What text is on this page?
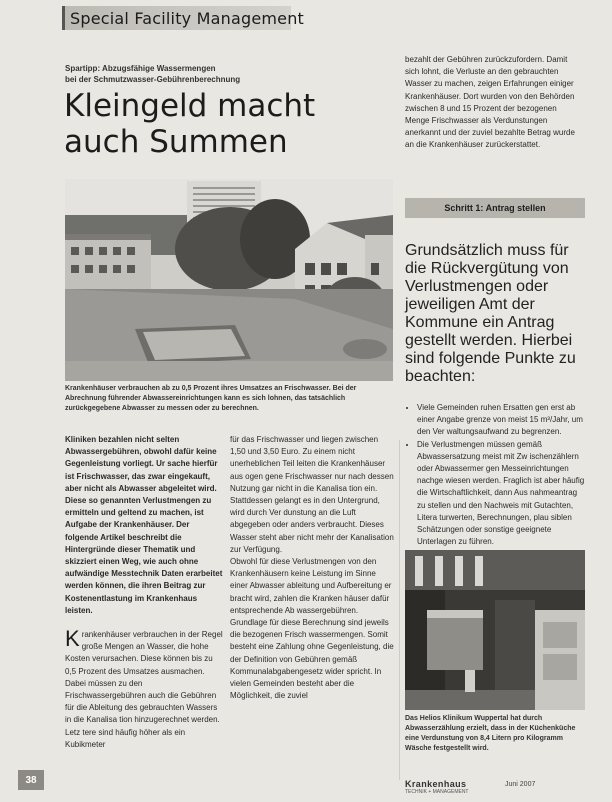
Special Facility Management
Spartipp: Abzugsfähige Wassermengen
bei der Schmutzwasser-Gebührenberechnung
Kleingeld macht
auch Summen

bezahlt der Gebühren zurückzufordern. Damit sich lohnt, die Verluste an den gebrauchten Wasser zu machen, zeigen Erfahrungen einiger Krankenhäuser. Dort wurden von den Behörden zwischen 8 und 15 Prozent der bezogenen Menge Frischwasser als Verdunstungen anerkannt und der zuviel bezahlte Betrag wurde an die Krankenhäuser zurückerstattet.

Schritt 1: Antrag stellen

Grundsätzlich muss für die Rückvergütung von Verlustmengen oder jeweiligen Amt der Kommune ein Antrag gestellt werden. Hierbei sind folgende Punkte zu beachten:

• Viele Gemeinden ruhen Ersatten gen erst ab einer Angabe grenze von meist 15 m³/Jahr, um den Ver waltungsaufwand zu begrenzen.
• Die Verlustmengen müssen gemäß Abwassersatzung meist mit Zw ischenzählern oder Abwassermer gen Messeinrichtungen nachge wiesen werden. Fraglich ist aber häufig die Wirtschaftlichkeit, dann Aus nahmeantrag zu stellen und den Nachweis mit Gutachten, Litera turwerten, Berechnungen, plau siblen Schätzungen oder sonstige geeignete Unterlagen zu führen.
•
•
Krankenhäuser verbrauchen ab zu 0,5 Prozent ihres Umsatzes an Frischwasser. Bei der Abrechnung führender Abwassereinrichtungen kann es sich lohnen, das tatsächlich zurückgegebene Abwasser zu messen oder zu berechnen.

Kliniken bezahlen nicht selten Abwassergebühren, obwohl dafür keine Gegenleistung vorliegt. Ur sache hierfür ist Frischwasser, das zwar eingekauft, aber nicht als Abwasser abgeleitet wird. Diese so genannten Verlustmengen zu ermitteln und geltend zu machen, ist Aufgabe der Krankenhäuser. Der folgende Artikel beschreibt die Hintergründe dieser Thematik und skizziert einen Weg, wie auch ohne aufwändige Messtechnik Daten erarbeitet werden können, die ihren Beitrag zur Kostenentlastung im Krankenhaus leisten.

Krankenhäuser verbrauchen in der Regel große Mengen an Wasser, die hohe Kosten verursachen. Diese können bis zu 0,5 Prozent des Umsatzes ausmachen. Dabei müssen zu den Frischwassergebühren auch die Gebühren für die Ableitung des gebrauchten Wassers in die Kanalisa tion hinzugerechnet werden. Letz tere sind häufig höher als ein Kubikmeter

für das Frischwasser und liegen zwischen 1,50 und 3,50 Euro. Zu einem nicht unerheblichen Teil leiten die Krankenhäuser aus ogen gene Frischwasser nur nach dessen Nutzung gar nicht in die Kanalisa tion ein. Stattdessen gelangt es in den Untergrund, wird durch Ver dunstung an die Luft abgegeben oder anders verbraucht. Dieses Wasser steht aber nicht mehr der Kanalisation zur Verfügung.

Obwohl für diese Verlustmengen von den Krankenhäusern keine Leistung im Sinne einer Abwasser ableitung und Aufbereitung er bracht wird, zahlen die Kranken häuser dafür entsprechende Ab wassergebühren. Grundlage für diese Berechnung sind jeweils die bezogenen Frisch wassermengen. Somit besteht eine Zahlung ohne Gegenleistung, die der Definition von Gebühren gemäß Kommunalabgabengesetz wider spricht. In vielen Gemeinden besteht aber die Möglichkeit, die zuviel

Das Helios Klinikum Wuppertal hat durch Abwasserzählung erzielt, dass in der Küchenküche eine Verdunstung von 8,4 Litern pro Kilogramm Wäsche festgestellt wird.
38	Krankenhaus
TECHNIK + MANAGEMENT
Juni 2007
